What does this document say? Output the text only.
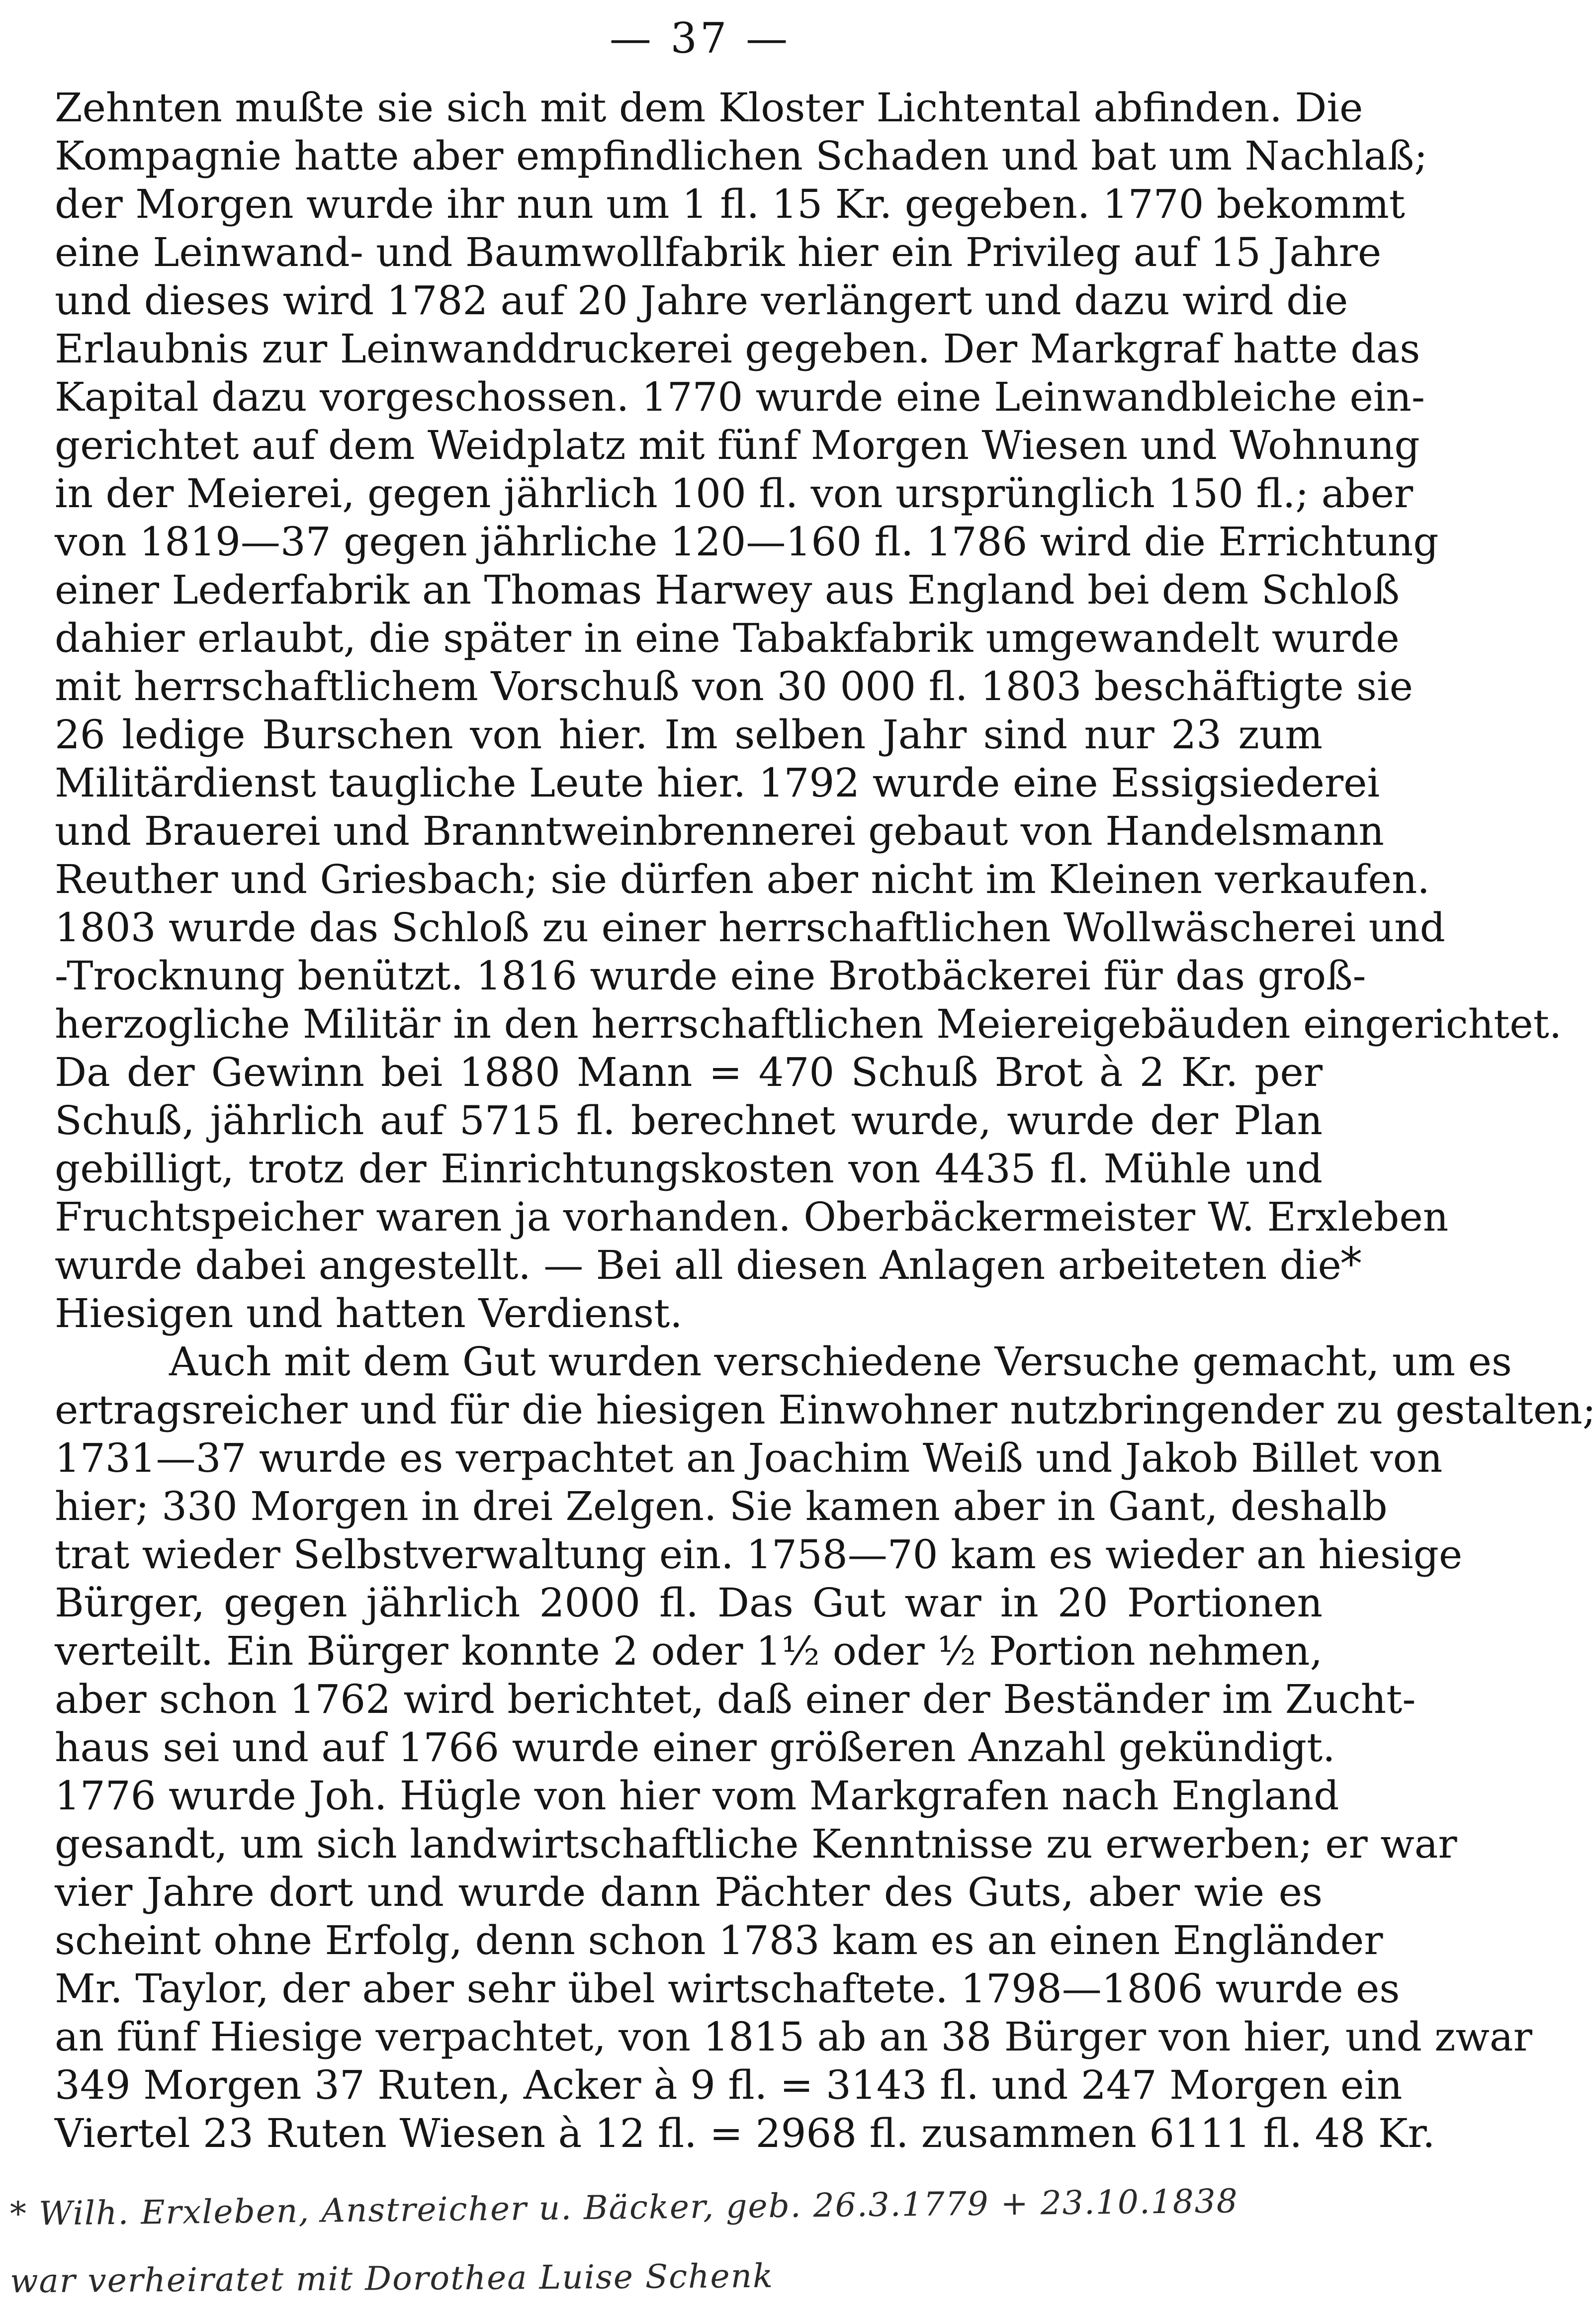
— 37 —
Zehnten mußte sie sich mit dem Kloster Lichtental abfinden. Die
Kompagnie hatte aber empfindlichen Schaden und bat um Nachlaß;
der Morgen wurde ihr nun um 1 fl. 15 Kr. gegeben. 1770 bekommt
eine Leinwand- und Baumwollfabrik hier ein Privileg auf 15 Jahre
und dieses wird 1782 auf 20 Jahre verlängert und dazu wird die
Erlaubnis zur Leinwanddruckerei gegeben. Der Markgraf hatte das
Kapital dazu vorgeschossen. 1770 wurde eine Leinwandbleiche ein-
gerichtet auf dem Weidplatz mit fünf Morgen Wiesen und Wohnung
in der Meierei, gegen jährlich 100 fl. von ursprünglich 150 fl.; aber
von 1819—37 gegen jährliche 120—160 fl. 1786 wird die Errichtung
einer Lederfabrik an Thomas Harwey aus England bei dem Schloß
dahier erlaubt, die später in eine Tabakfabrik umgewandelt wurde
mit herrschaftlichem Vorschuß von 30 000 fl. 1803 beschäftigte sie
26 ledige Burschen von hier. Im selben Jahr sind nur 23 zum
Militärdienst taugliche Leute hier. 1792 wurde eine Essigsiederei
und Brauerei und Branntweinbrennerei gebaut von Handelsmann
Reuther und Griesbach; sie dürfen aber nicht im Kleinen verkaufen.
1803 wurde das Schloß zu einer herrschaftlichen Wollwäscherei und
-Trocknung benützt. 1816 wurde eine Brotbäckerei für das groß-
herzogliche Militär in den herrschaftlichen Meiereigebäuden eingerichtet.
Da der Gewinn bei 1880 Mann = 470 Schuß Brot à 2 Kr. per
Schuß, jährlich auf 5715 fl. berechnet wurde, wurde der Plan
gebilligt, trotz der Einrichtungskosten von 4435 fl. Mühle und
Fruchtspeicher waren ja vorhanden. Oberbäckermeister W. Erxleben
wurde dabei angestellt. — Bei all diesen Anlagen arbeiteten die
Hiesigen und hatten Verdienst.
Auch mit dem Gut wurden verschiedene Versuche gemacht, um es
ertragsreicher und für die hiesigen Einwohner nutzbringender zu gestalten;
1731—37 wurde es verpachtet an Joachim Weiß und Jakob Billet von
hier; 330 Morgen in drei Zelgen. Sie kamen aber in Gant, deshalb
trat wieder Selbstverwaltung ein. 1758—70 kam es wieder an hiesige
Bürger, gegen jährlich 2000 fl. Das Gut war in 20 Portionen
verteilt. Ein Bürger konnte 2 oder 1½ oder ½ Portion nehmen,
aber schon 1762 wird berichtet, daß einer der Beständer im Zucht-
haus sei und auf 1766 wurde einer größeren Anzahl gekündigt.
1776 wurde Joh. Hügle von hier vom Markgrafen nach England
gesandt, um sich landwirtschaftliche Kenntnisse zu erwerben; er war
vier Jahre dort und wurde dann Pächter des Guts, aber wie es
scheint ohne Erfolg, denn schon 1783 kam es an einen Engländer
Mr. Taylor, der aber sehr übel wirtschaftete. 1798—1806 wurde es
an fünf Hiesige verpachtet, von 1815 ab an 38 Bürger von hier, und zwar
349 Morgen 37 Ruten, Acker à 9 fl. = 3143 fl. und 247 Morgen ein
Viertel 23 Ruten Wiesen à 12 fl. = 2968 fl. zusammen 6111 fl. 48 Kr.
*
* Wilh. Erxleben, Anstreicher u. Bäcker, geb. 26.3.1779 + 23.10.1838
war verheiratet mit Dorothea Luise Schenk
